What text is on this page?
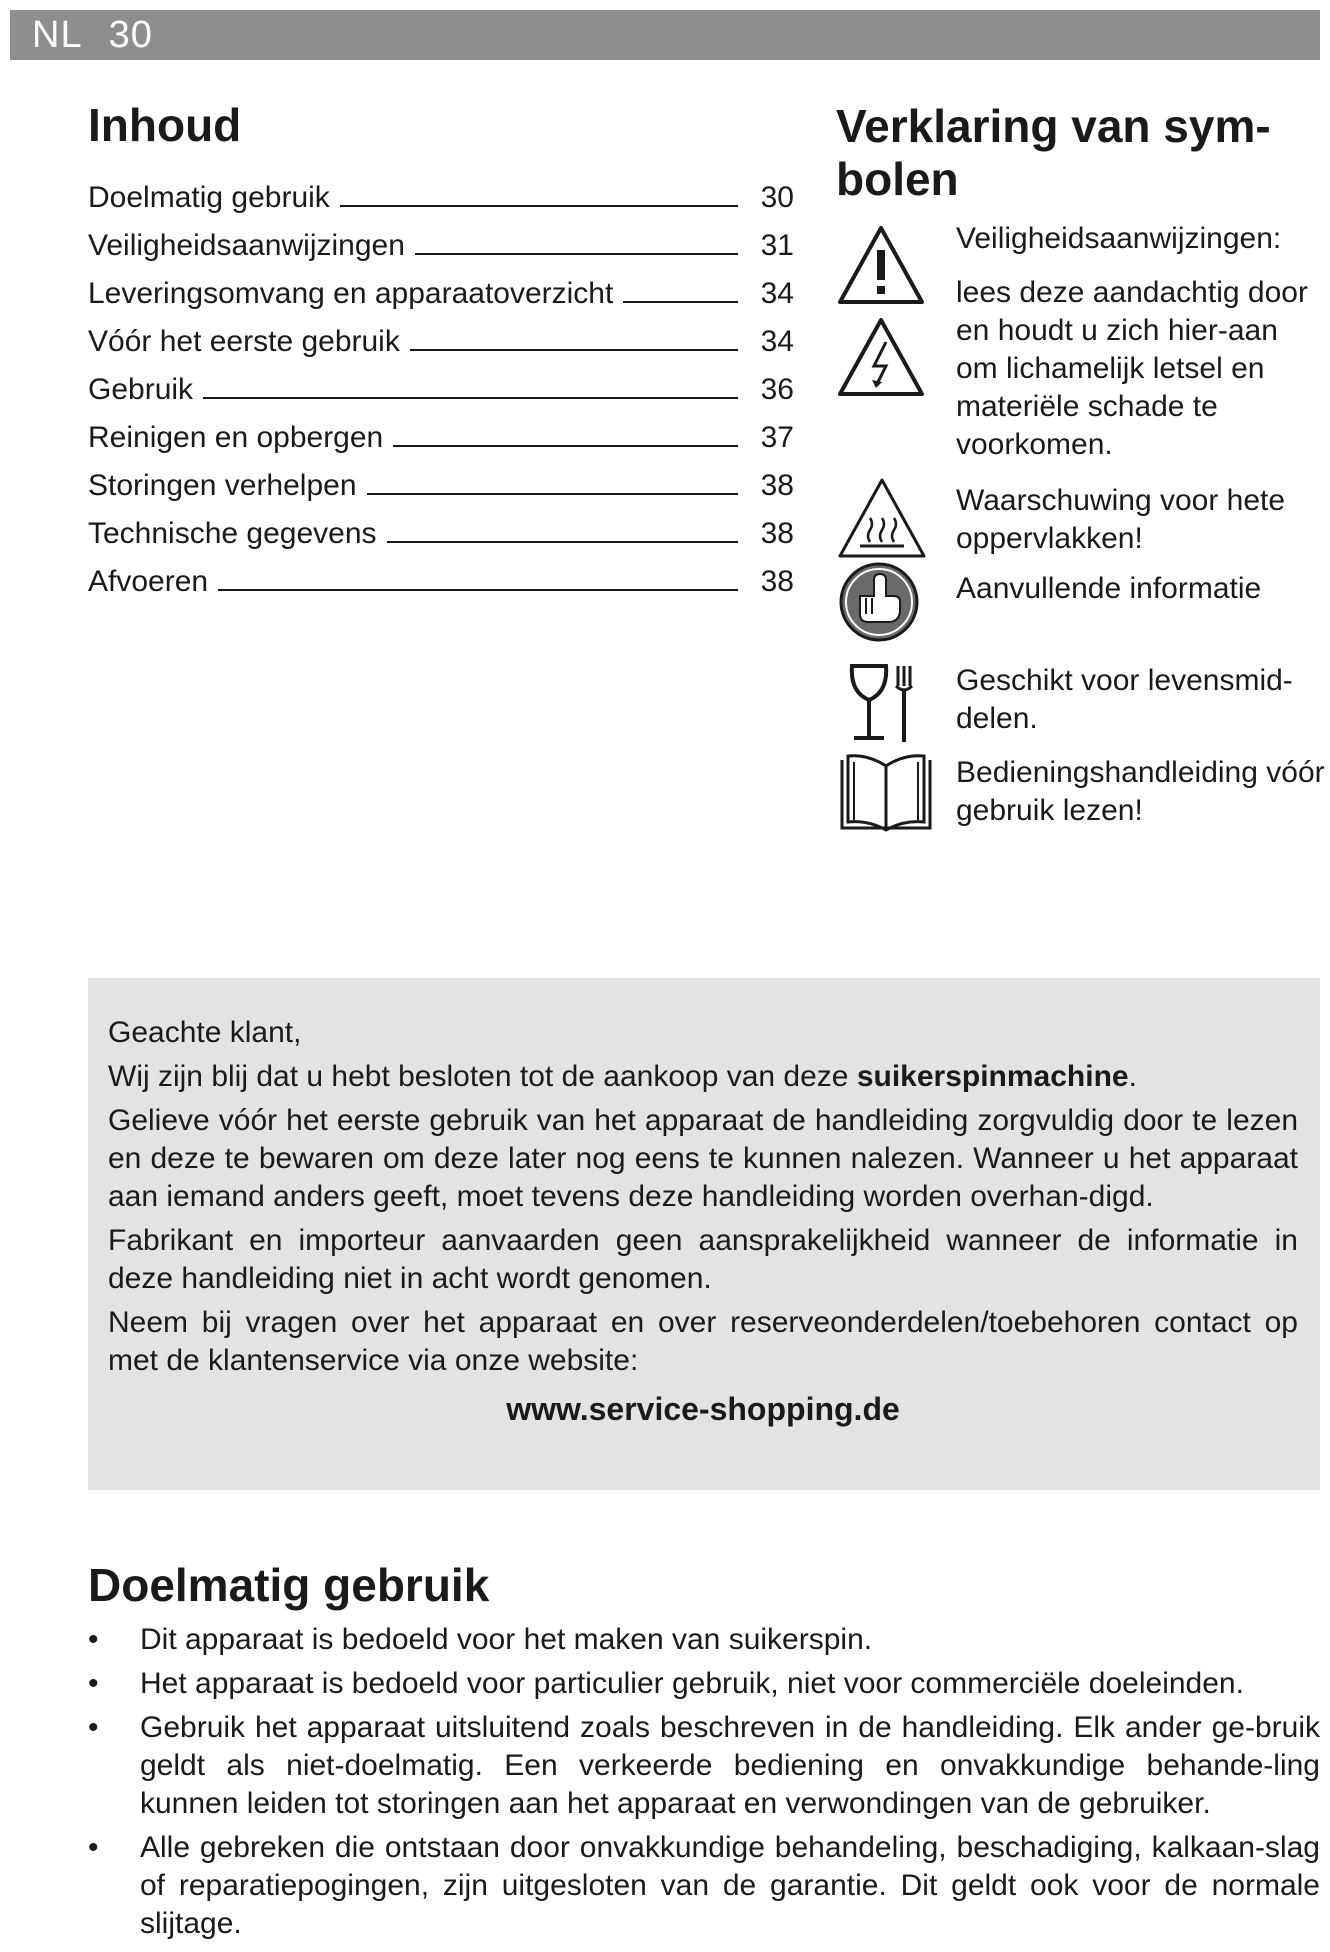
NL 30
Inhoud
Doelmatig gebruik	30
Veiligheidsaanwijzingen	31
Leveringsomvang en apparaatoverzicht	34
Vóór het eerste gebruik	34
Gebruik	36
Reinigen en opbergen	37
Storingen verhelpen	38
Technische gegevens	38
Afvoeren	38
Verklaring van sym-
bolen
Veiligheidsaanwijzingen:
lees deze aandachtig door en houdt u zich hier-aan om lichamelijk letsel en materiële schade te voorkomen.
Waarschuwing voor hete oppervlakken!
Aanvullende informatie
Geschikt voor levensmid-delen.
Bedieningshandleiding vóór gebruik lezen!

Geachte klant,

Wij zijn blij dat u hebt besloten tot de aankoop van deze suikerspinmachine.

Gelieve vóór het eerste gebruik van het apparaat de handleiding zorgvuldig door te lezen en deze te bewaren om deze later nog eens te kunnen nalezen. Wanneer u het apparaat aan iemand anders geeft, moet tevens deze handleiding worden overhan-digd.

Fabrikant en importeur aanvaarden geen aansprakelijkheid wanneer de informatie in deze handleiding niet in acht wordt genomen.

Neem bij vragen over het apparaat en over reserveonderdelen/toebehoren contact op met de klantenservice via onze website:

www.service-shopping.de
Doelmatig gebruik
• Dit apparaat is bedoeld voor het maken van suikerspin.
• Het apparaat is bedoeld voor particulier gebruik, niet voor commerciële doeleinden.
• Gebruik het apparaat uitsluitend zoals beschreven in de handleiding. Elk ander ge-bruik geldt als niet-doelmatig. Een verkeerde bediening en onvakkundige behande-ling kunnen leiden tot storingen aan het apparaat en verwondingen van de gebruiker.
• Alle gebreken die ontstaan door onvakkundige behandeling, beschadiging, kalkaan-slag of reparatiepogingen, zijn uitgesloten van de garantie. Dit geldt ook voor de normale slijtage.
